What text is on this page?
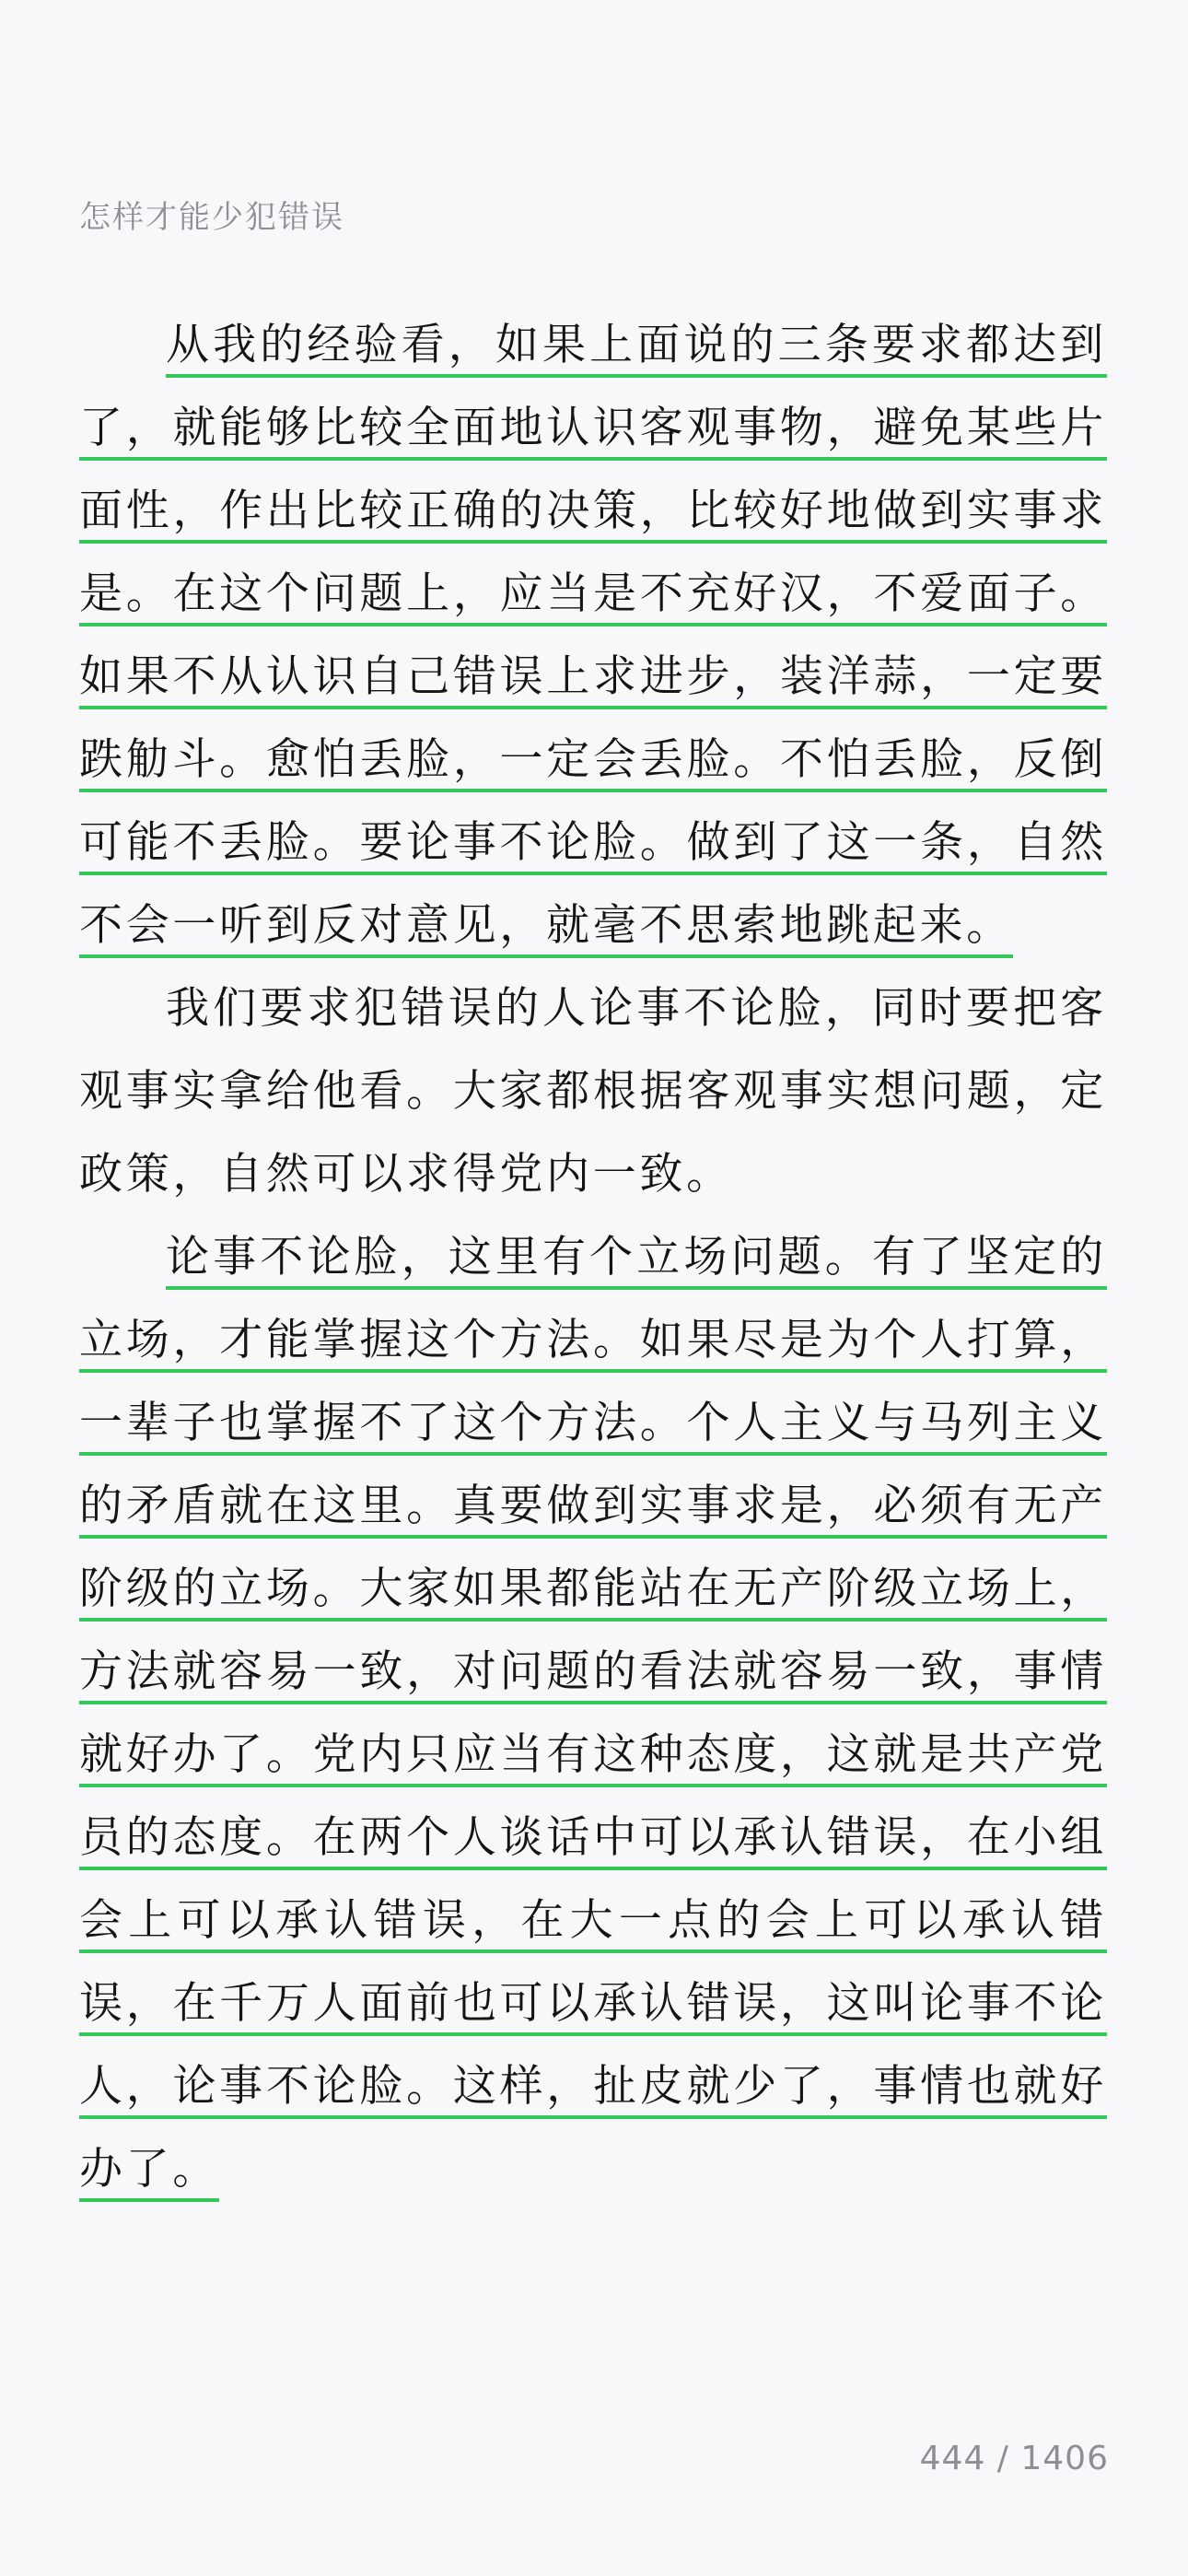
怎样才能少犯错误

从我的经验看，如果上面说的三条要求都达到了，就能够比较全面地认识客观事物，避免某些片面性，作出比较正确的决策，比较好地做到实事求是。在这个问题上，应当是不充好汉，不爱面子。如果不从认识自己错误上求进步，装洋蒜，一定要跌觔斗。愈怕丢脸，一定会丢脸。不怕丢脸，反倒可能不丢脸。要论事不论脸。做到了这一条，自然不会一听到反对意见，就毫不思索地跳起来。

我们要求犯错误的人论事不论脸，同时要把客观事实拿给他看。大家都根据客观事实想问题，定政策，自然可以求得党内一致。

论事不论脸，这里有个立场问题。有了坚定的立场，才能掌握这个方法。如果尽是为个人打算，一辈子也掌握不了这个方法。个人主义与马列主义的矛盾就在这里。真要做到实事求是，必须有无产阶级的立场。大家如果都能站在无产阶级立场上，方法就容易一致，对问题的看法就容易一致，事情就好办了。党内只应当有这种态度，这就是共产党员的态度。在两个人谈话中可以承认错误，在小组会上可以承认错误，在大一点的会上可以承认错误，在千万人面前也可以承认错误，这叫论事不论人，论事不论脸。这样，扯皮就少了，事情也就好办了。

444 / 1406
